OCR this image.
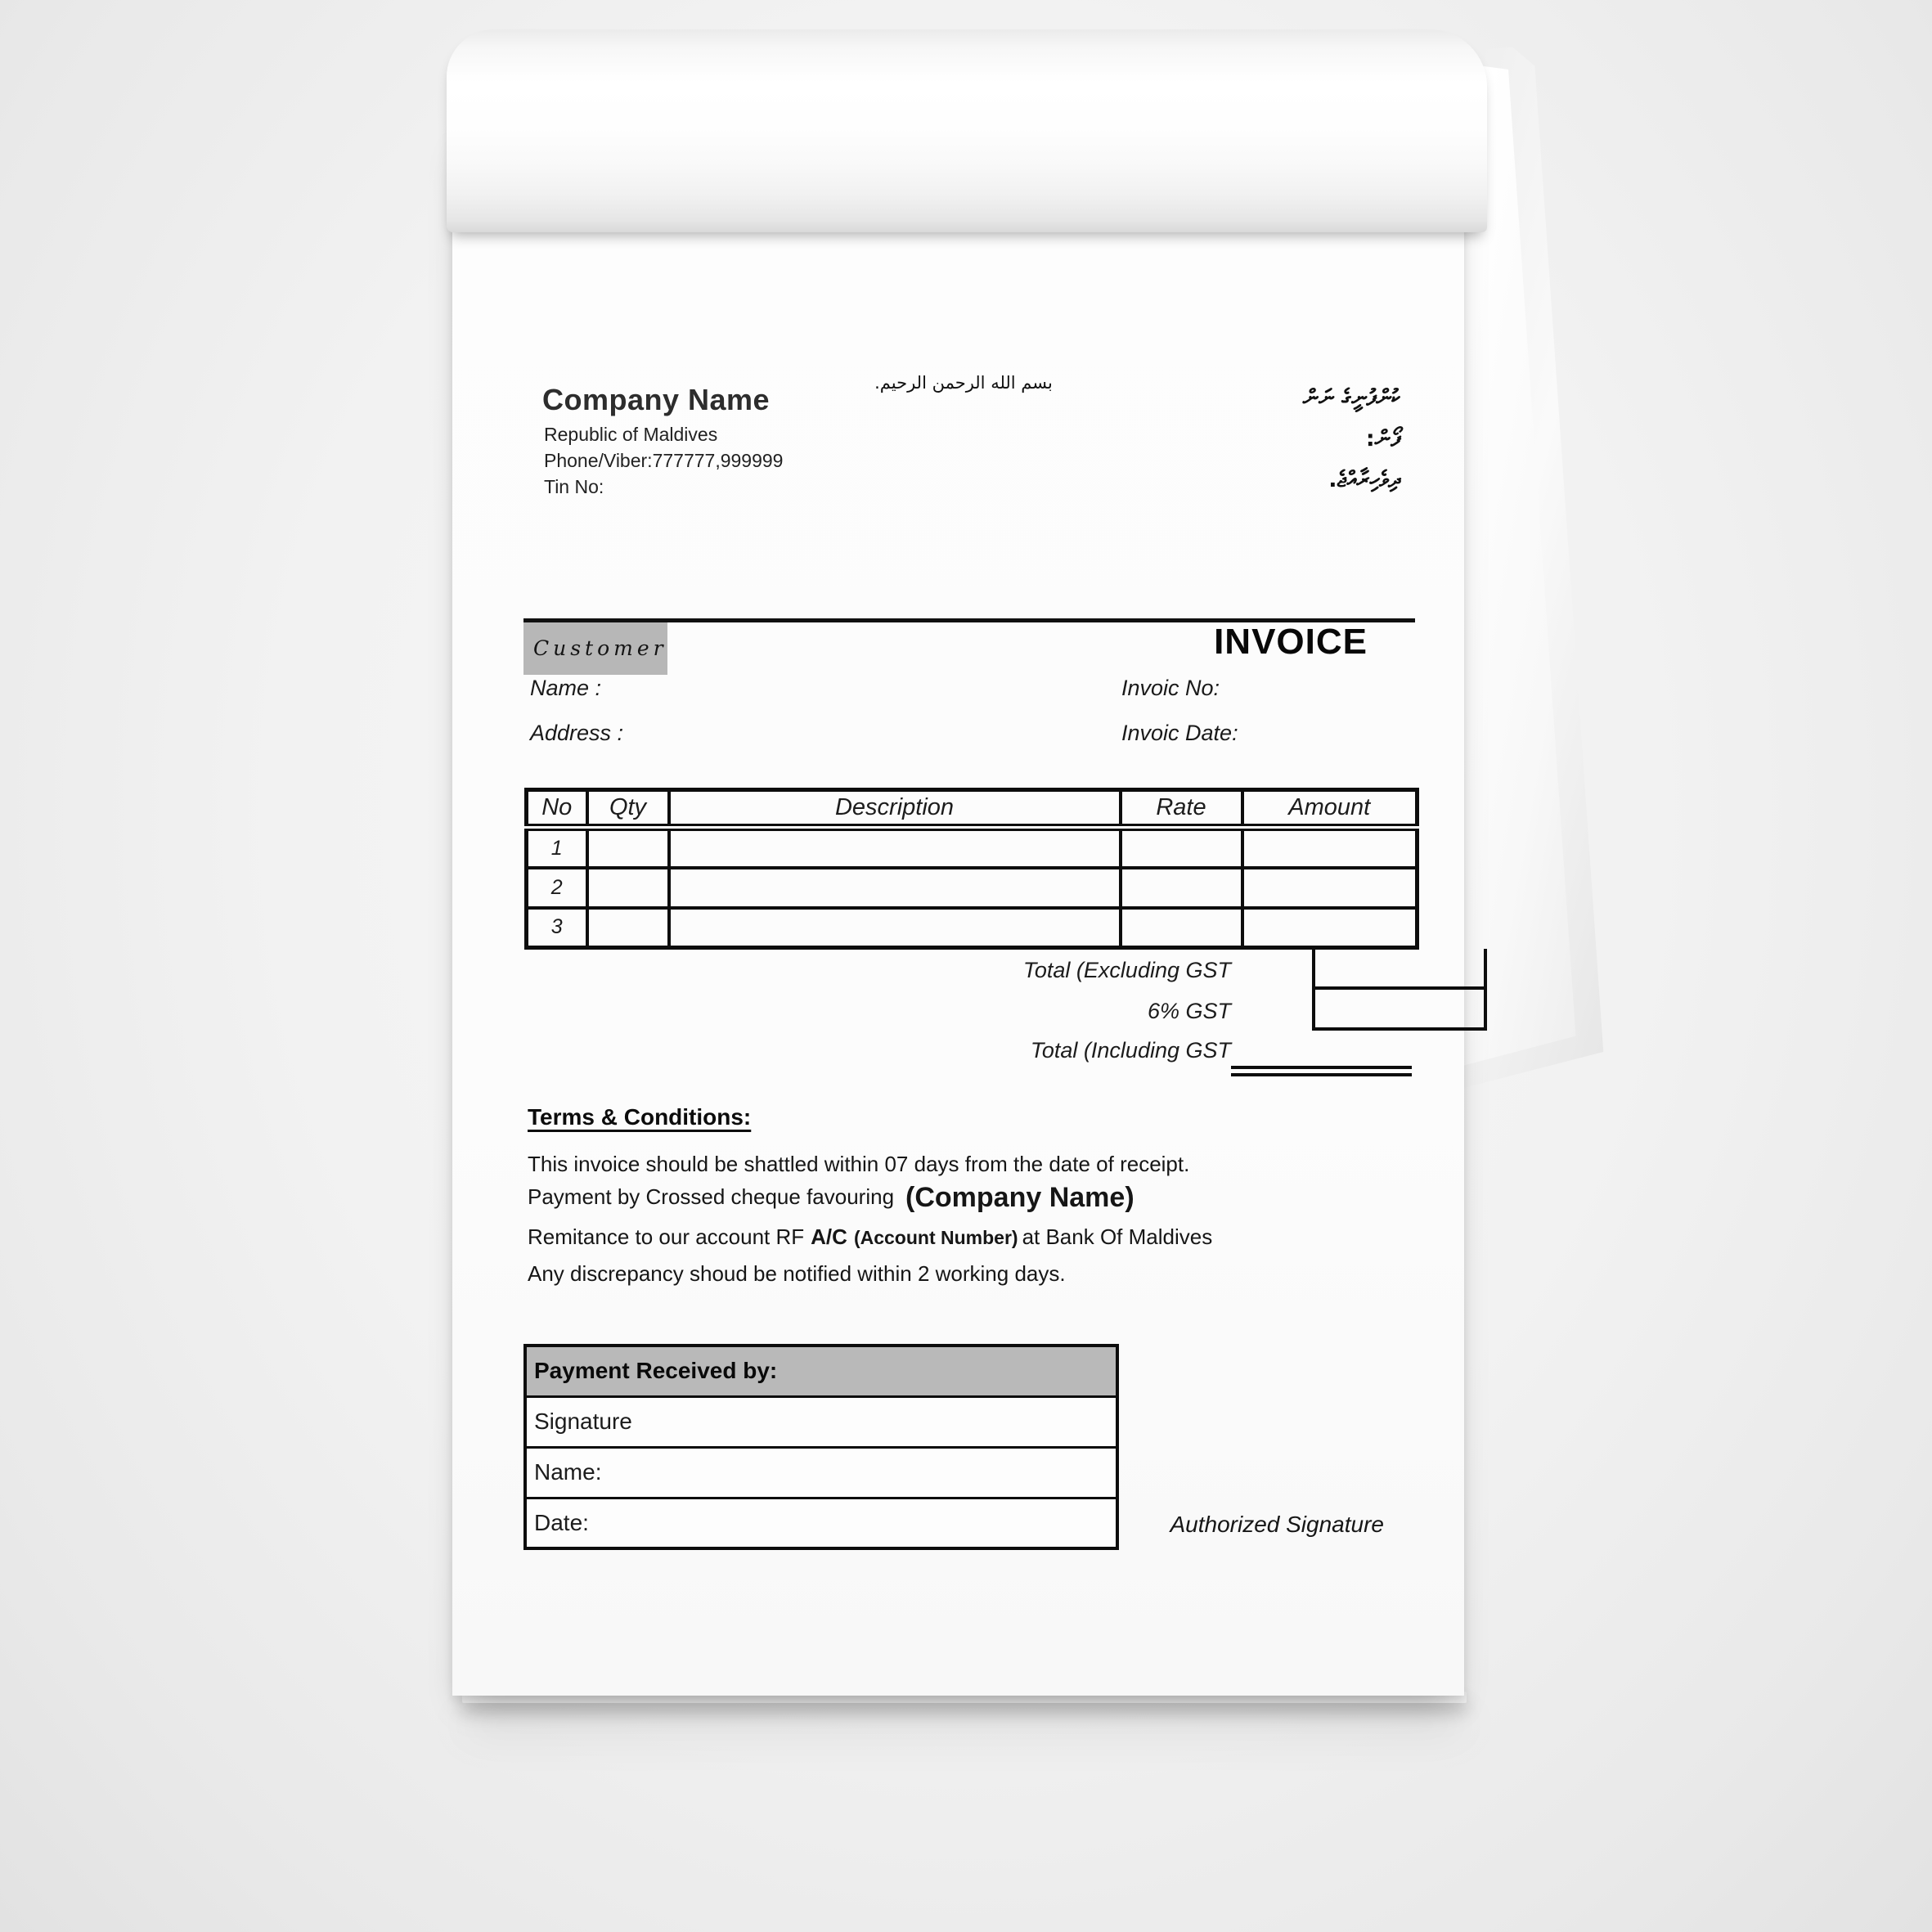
Company Name
Republic of Maldives
Phone/Viber:777777,999999
Tin No:
بسم الله الرحمن الرحيم.
ކުންފުނީގެ ނަން
ފޯން:
ދިވެހިރާއްޖެ.
Customer	INVOICE
Name :	Invoic No:
Address :	Invoic Date:
No	Qty	Description	Rate	Amount
1				
2				
3				
Total (Excluding GST
6% GST
Total (Including GST
Terms & Conditions:
This invoice should be shattled within 07 days from the date of receipt.
Payment by Crossed cheque favouring (Company Name)
Remitance to our account RF A/C (Account Number) at Bank Of Maldives
Any discrepancy shoud be notified within 2 working days.
Payment Received by:
Signature
Name:
Date:	Authorized Signature
